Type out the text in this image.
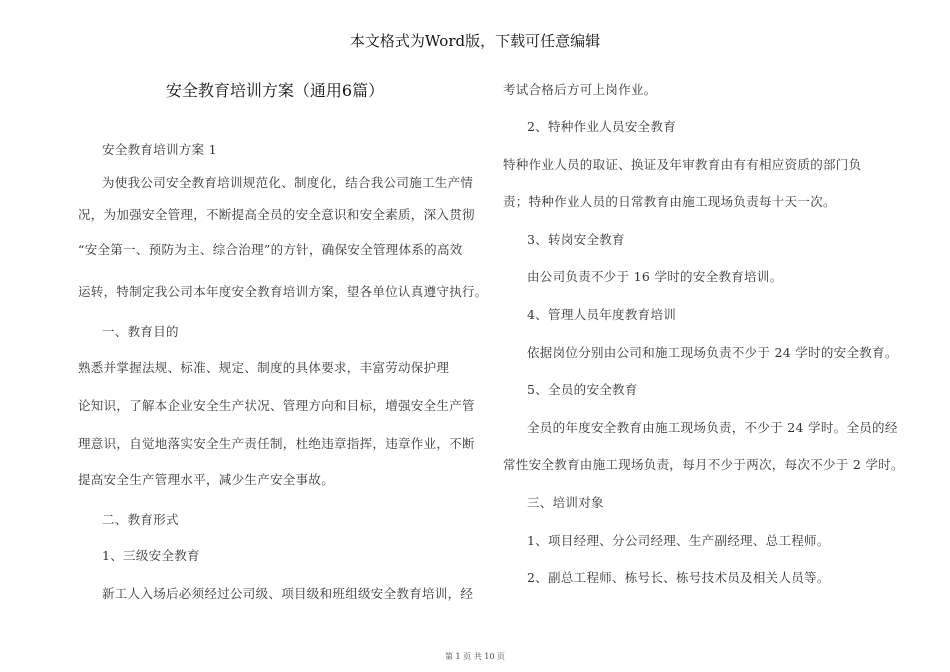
本文格式为Word版，下载可任意编辑
安全教育培训方案（通用6篇）
安全教育培训方案 1
为使我公司安全教育培训规范化、制度化，结合我公司施工生产情
况，为加强安全管理，不断提高全员的安全意识和安全素质，深入贯彻
“安全第一、预防为主、综合治理”的方针，确保安全管理体系的高效
运转，特制定我公司本年度安全教育培训方案，望各单位认真遵守执行。
一、教育目的
熟悉并掌握法规、标准、规定、制度的具体要求，丰富劳动保护理
论知识，了解本企业安全生产状况、管理方向和目标，增强安全生产管
理意识，自觉地落实安全生产责任制，杜绝违章指挥，违章作业，不断
提高安全生产管理水平，减少生产安全事故。
二、教育形式
1、三级安全教育
新工人入场后必须经过公司级、项目级和班组级安全教育培训，经
考试合格后方可上岗作业。
2、特种作业人员安全教育
特种作业人员的取证、换证及年审教育由有有相应资质的部门负
责；特种作业人员的日常教育由施工现场负责每十天一次。
3、转岗安全教育
由公司负责不少于 16 学时的安全教育培训。
4、管理人员年度教育培训
依据岗位分别由公司和施工现场负责不少于 24 学时的安全教育。
5、全员的安全教育
全员的年度安全教育由施工现场负责，不少于 24 学时。全员的经
常性安全教育由施工现场负责，每月不少于两次，每次不少于 2 学时。
三、培训对象
1、项目经理、分公司经理、生产副经理、总工程师。
2、副总工程师、栋号长、栋号技术员及相关人员等。
第 1 页 共 10 页
